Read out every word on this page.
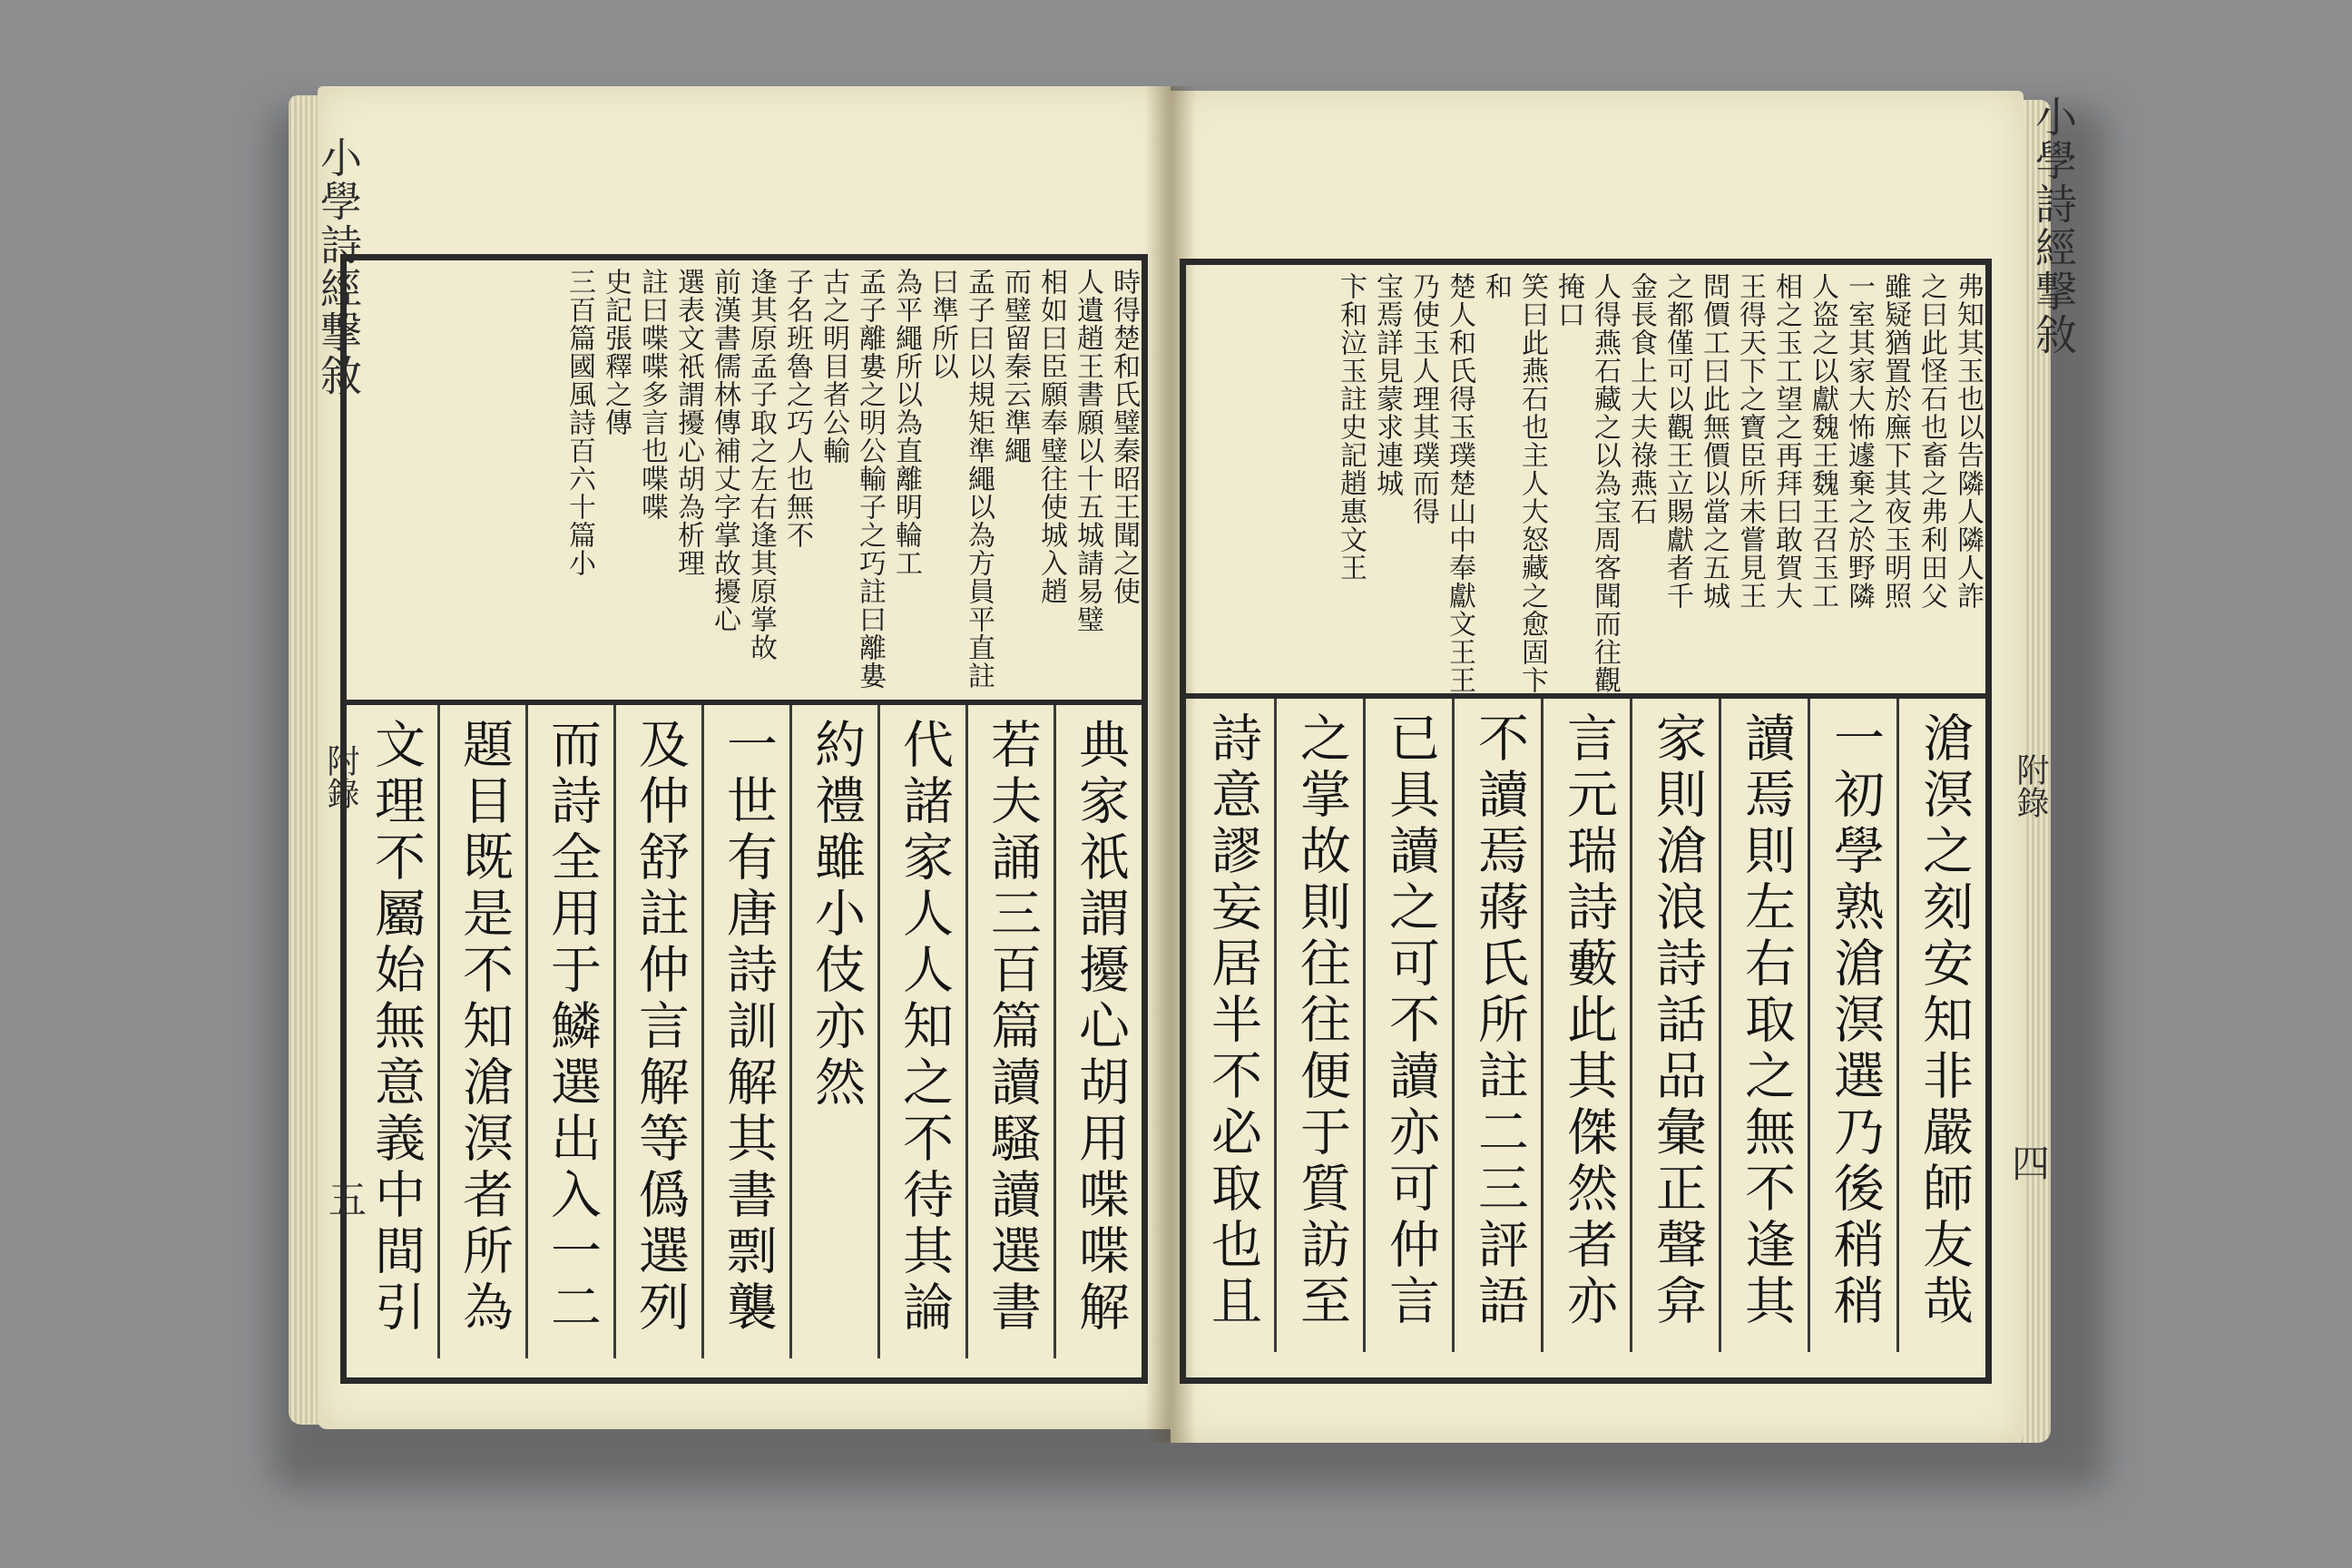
小學詩經撃敘	小學詩經撃敘
附錄	附錄
五
四
弗知其玉也以告隣人隣人詐
之曰此怪石也畜之弗利田父
雖疑猶置於廡下其夜玉明照
一室其家大怖遽棄之於野隣
人盗之以獻魏王魏王召玉工
相之玉工望之再拜曰敢賀大
王得天下之寶臣所未嘗見王
問價工曰此無價以當之五城
之都僅可以觀王立賜獻者千
金長食上大夫祿燕石
人得燕石藏之以為宝周客聞而往觀掩口
笑曰此燕石也主人大怒藏之愈固卞和
楚人和氏得玉璞楚山中奉獻文王王乃使玉人理其璞而得
宝焉詳見蒙求連城
卞和泣玉註史記趙惠文王
滄溟之刻安知非嚴師友哉
一初學熟滄溟選乃後稍稍
讀焉則左右取之無不逢其
家則滄浪詩話品彙正聲弇
言元瑞詩藪此其傑然者亦
不讀焉蔣氏所註二三評語
已具讀之可不讀亦可仲言
之掌故則往往便于質訪至
詩意謬妄居半不必取也且
時得楚和氏璧秦昭王聞之使
人遺趙王書願以十五城請易璧
相如曰臣願奉璧往使城入趙
而璧留秦云準繩
孟子曰以規矩準繩以為方員平直註曰準所以
為平繩所以為直離明輪工
孟子離婁之明公輸子之巧註曰離婁古之明目者公輸
子名班魯之巧人也無不
逢其原孟子取之左右逢其原掌故
前漢書儒林傳補丈字掌故擾心
選表文祇謂擾心胡為析理
註曰喋喋多言也喋喋
史記張釋之傳
三百篇國風詩百六十篇小
典家祇謂擾心胡用喋喋解
若夫誦三百篇讀騷讀選書
代諸家人人知之不待其論
約禮雖小伎亦然
一世有唐詩訓解其書剽襲
及仲舒註仲言解等僞選列
而詩全用于鱗選出入一二
題目既是不知滄溟者所為
文理不屬始無意義中間引
